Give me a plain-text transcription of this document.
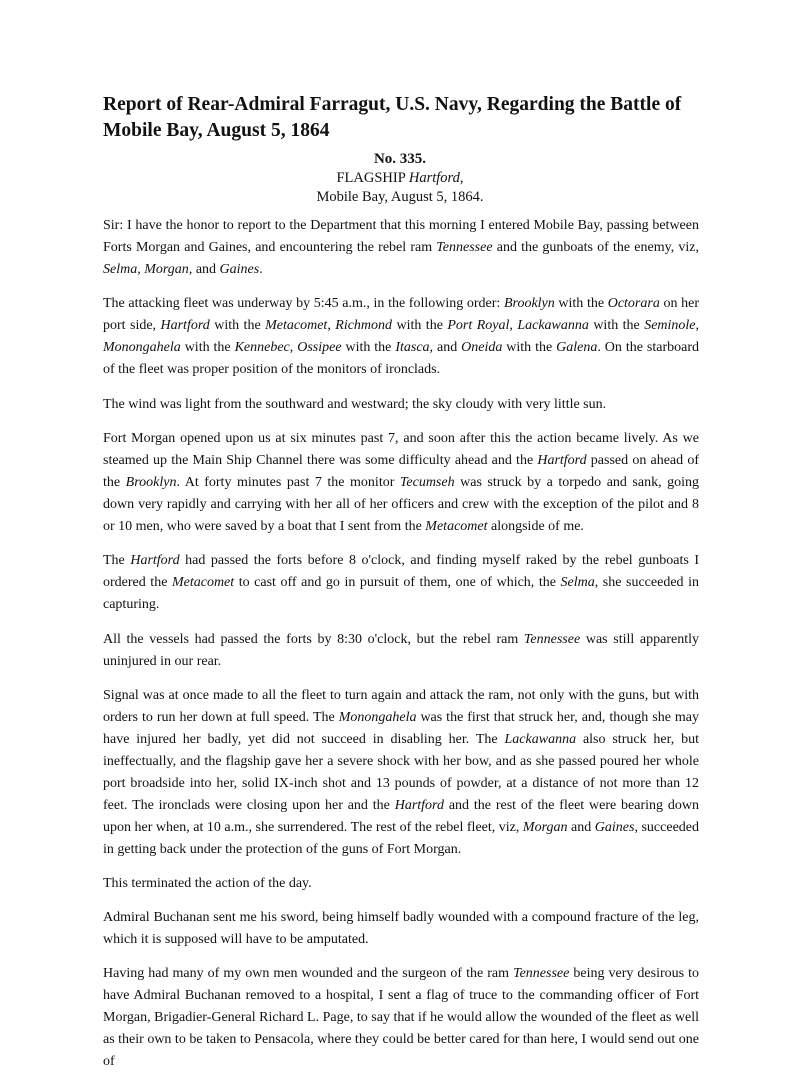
Report of Rear-Admiral Farragut, U.S. Navy, Regarding the Battle of Mobile Bay, August 5, 1864
No. 335.
FLAGSHIP Hartford,
Mobile Bay, August 5, 1864.

Sir: I have the honor to report to the Department that this morning I entered Mobile Bay, passing between Forts Morgan and Gaines, and encountering the rebel ram Tennessee and the gunboats of the enemy, viz, Selma, Morgan, and Gaines.

The attacking fleet was underway by 5:45 a.m., in the following order: Brooklyn with the Octorara on her port side, Hartford with the Metacomet, Richmond with the Port Royal, Lackawanna with the Seminole, Monongahela with the Kennebec, Ossipee with the Itasca, and Oneida with the Galena. On the starboard of the fleet was proper position of the monitors of ironclads.

The wind was light from the southward and westward; the sky cloudy with very little sun.

Fort Morgan opened upon us at six minutes past 7, and soon after this the action became lively. As we steamed up the Main Ship Channel there was some difficulty ahead and the Hartford passed on ahead of the Brooklyn. At forty minutes past 7 the monitor Tecumseh was struck by a torpedo and sank, going down very rapidly and carrying with her all of her officers and crew with the exception of the pilot and 8 or 10 men, who were saved by a boat that I sent from the Metacomet alongside of me.

The Hartford had passed the forts before 8 o'clock, and finding myself raked by the rebel gunboats I ordered the Metacomet to cast off and go in pursuit of them, one of which, the Selma, she succeeded in capturing.

All the vessels had passed the forts by 8:30 o'clock, but the rebel ram Tennessee was still apparently uninjured in our rear.

Signal was at once made to all the fleet to turn again and attack the ram, not only with the guns, but with orders to run her down at full speed. The Monongahela was the first that struck her, and, though she may have injured her badly, yet did not succeed in disabling her. The Lackawanna also struck her, but ineffectually, and the flagship gave her a severe shock with her bow, and as she passed poured her whole port broadside into her, solid IX-inch shot and 13 pounds of powder, at a distance of not more than 12 feet. The ironclads were closing upon her and the Hartford and the rest of the fleet were bearing down upon her when, at 10 a.m., she surrendered. The rest of the rebel fleet, viz, Morgan and Gaines, succeeded in getting back under the protection of the guns of Fort Morgan.

This terminated the action of the day.

Admiral Buchanan sent me his sword, being himself badly wounded with a compound fracture of the leg, which it is supposed will have to be amputated.

Having had many of my own men wounded and the surgeon of the ram Tennessee being very desirous to have Admiral Buchanan removed to a hospital, I sent a flag of truce to the commanding officer of Fort Morgan, Brigadier-General Richard L. Page, to say that if he would allow the wounded of the fleet as well as their own to be taken to Pensacola, where they could be better cared for than here, I would send out one of
